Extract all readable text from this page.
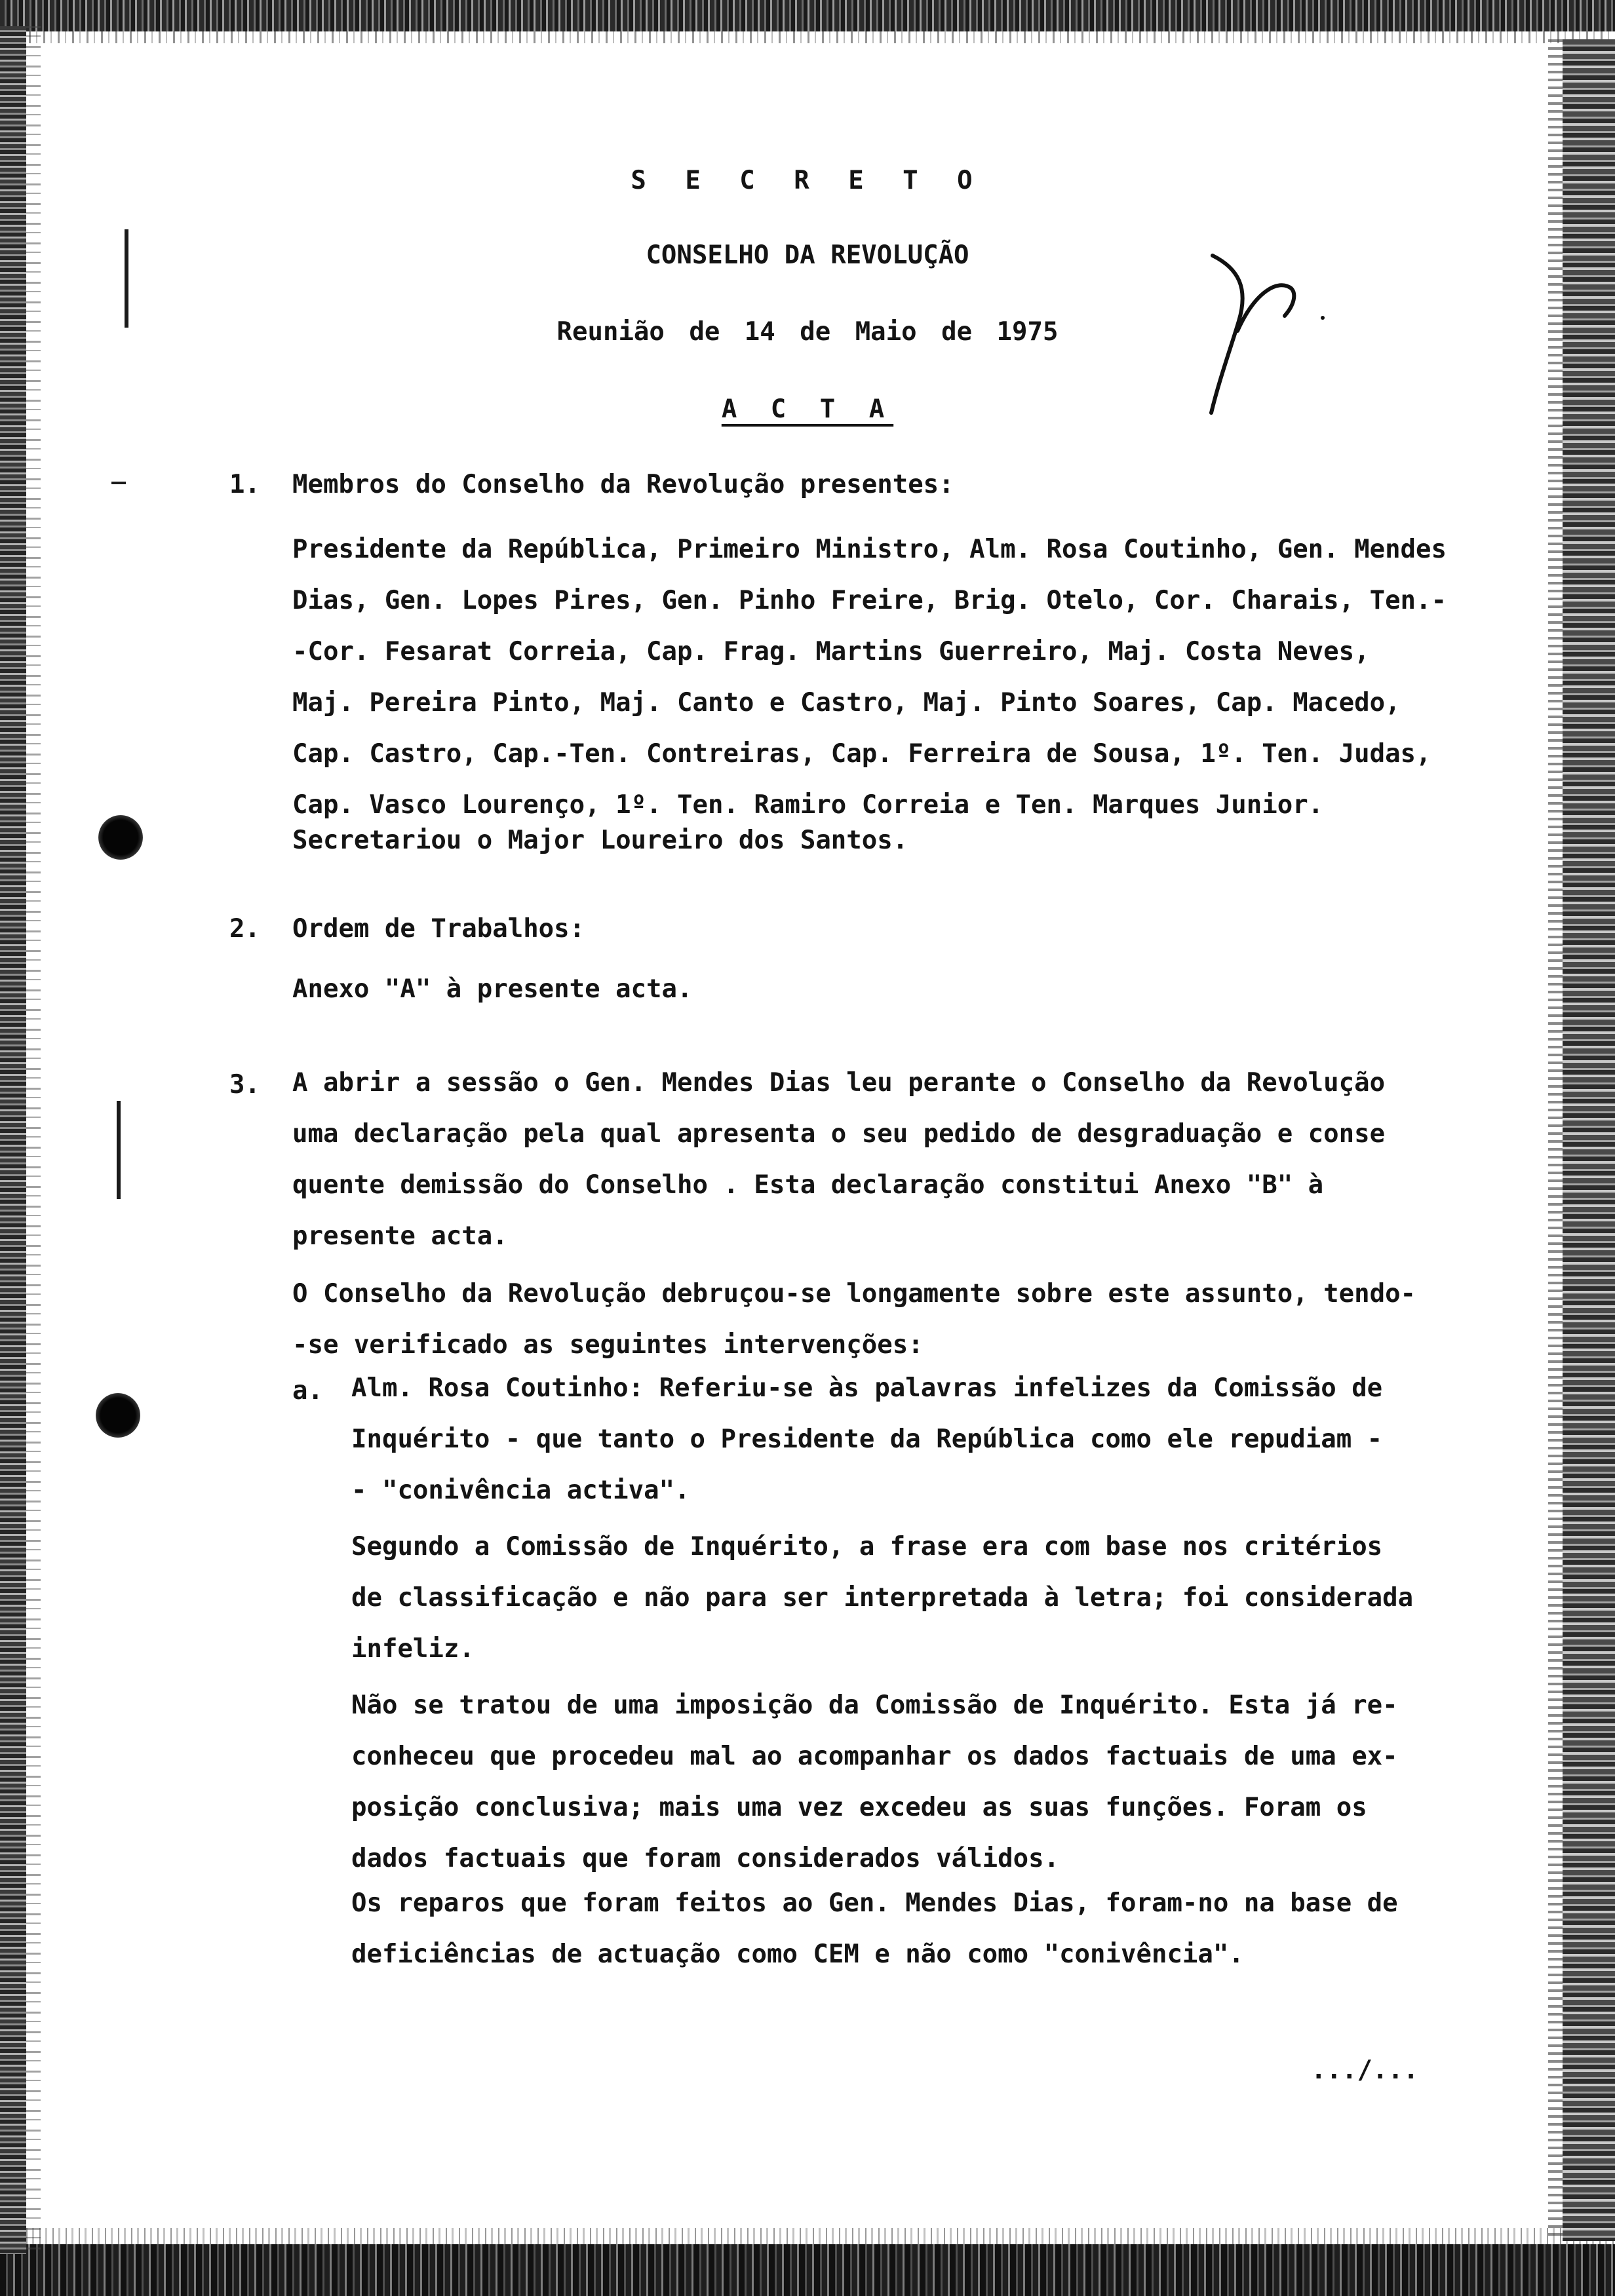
S E C R E T O
CONSELHO DA REVOLUÇÃO
Reunião de 14 de Maio de 1975
A C T A
1. Membros do Conselho da Revolução presentes:
Presidente da República, Primeiro Ministro, Alm. Rosa Coutinho, Gen. Mendes
Dias, Gen. Lopes Pires, Gen. Pinho Freire, Brig. Otelo, Cor. Charais, Ten.-
-Cor. Fesarat Correia, Cap. Frag. Martins Guerreiro, Maj. Costa Neves,
Maj. Pereira Pinto, Maj. Canto e Castro, Maj. Pinto Soares, Cap. Macedo,
Cap. Castro, Cap.-Ten. Contreiras, Cap. Ferreira de Sousa, 1º. Ten. Judas,
Cap. Vasco Lourenço, 1º. Ten. Ramiro Correia e Ten. Marques Junior.
Secretariou o Major Loureiro dos Santos.
2. Ordem de Trabalhos:
Anexo "A" à presente acta.
3. A abrir a sessão o Gen. Mendes Dias leu perante o Conselho da Revolução
uma declaração pela qual apresenta o seu pedido de desgraduação e conse
quente demissão do Conselho . Esta declaração constitui Anexo "B" à
presente acta.
O Conselho da Revolução debruçou-se longamente sobre este assunto, tendo-
-se verificado as seguintes intervenções:
a. Alm. Rosa Coutinho: Referiu-se às palavras infelizes da Comissão de
Inquérito - que tanto o Presidente da República como ele repudiam -
- "conivência activa".
Segundo a Comissão de Inquérito, a frase era com base nos critérios
de classificação e não para ser interpretada à letra; foi considerada
infeliz.
Não se tratou de uma imposição da Comissão de Inquérito. Esta já re-
conheceu que procedeu mal ao acompanhar os dados factuais de uma ex-
posição conclusiva; mais uma vez excedeu as suas funções. Foram os
dados factuais que foram considerados válidos.
Os reparos que foram feitos ao Gen. Mendes Dias, foram-no na base de
deficiências de actuação como CEM e não como "conivência".
.../...
